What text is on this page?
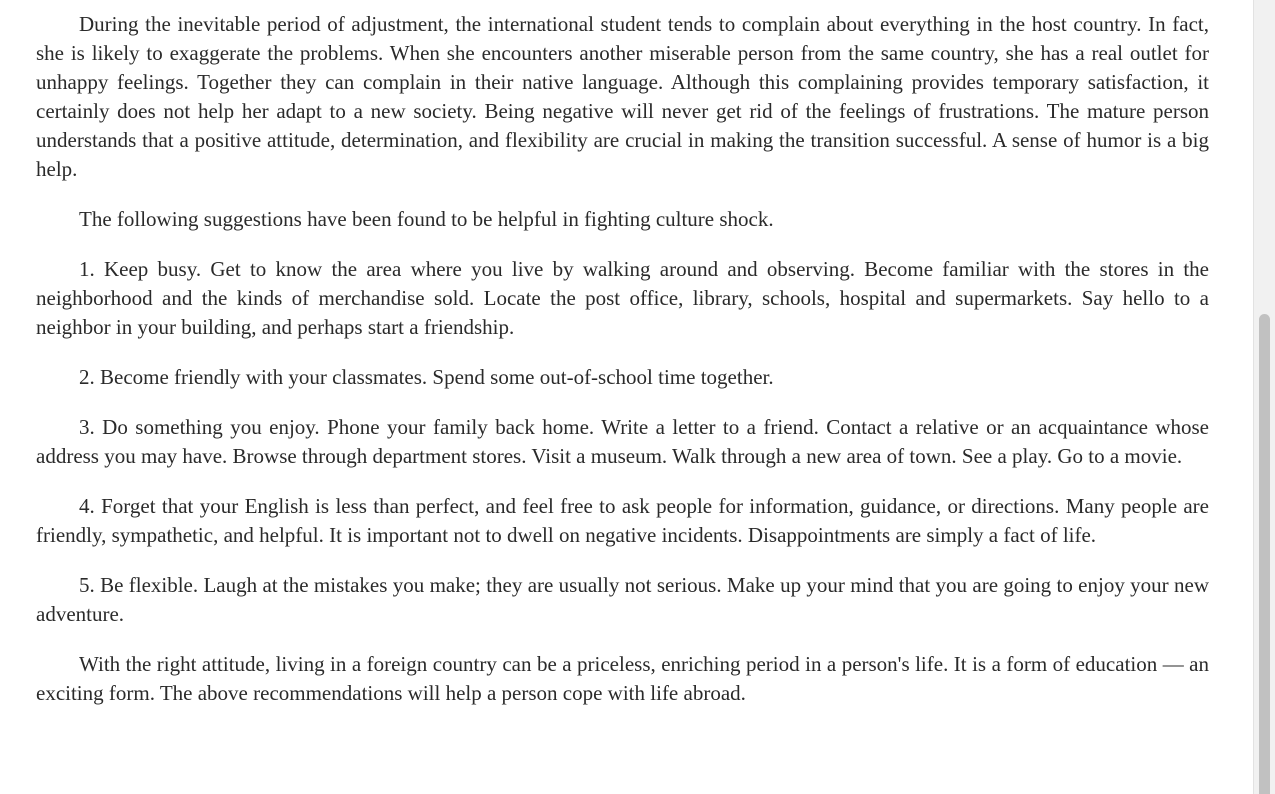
During the inevitable period of adjustment, the international student tends to complain about everything in the host country. In fact, she is likely to exaggerate the problems. When she encounters another miserable person from the same country, she has a real outlet for unhappy feelings. Together they can complain in their native language. Although this complaining provides temporary satisfaction, it certainly does not help her adapt to a new society. Being negative will never get rid of the feelings of frustrations. The mature person understands that a positive attitude, determination, and flexibility are crucial in making the transition successful. A sense of humor is a big help.

The following suggestions have been found to be helpful in fighting culture shock.

1. Keep busy. Get to know the area where you live by walking around and observing. Become familiar with the stores in the neighborhood and the kinds of merchandise sold. Locate the post office, library, schools, hospital and supermarkets. Say hello to a neighbor in your building, and perhaps start a friendship.

2. Become friendly with your classmates. Spend some out-of-school time together.

3. Do something you enjoy. Phone your family back home. Write a letter to a friend. Contact a relative or an acquaintance whose address you may have. Browse through department stores. Visit a museum. Walk through a new area of town. See a play. Go to a movie.

4. Forget that your English is less than perfect, and feel free to ask people for information, guidance, or directions. Many people are friendly, sympathetic, and helpful. It is important not to dwell on negative incidents. Disappointments are simply a fact of life.

5. Be flexible. Laugh at the mistakes you make; they are usually not serious. Make up your mind that you are going to enjoy your new adventure.

With the right attitude, living in a foreign country can be a priceless, enriching period in a person's life. It is a form of education — an exciting form. The above recommendations will help a person cope with life abroad.
